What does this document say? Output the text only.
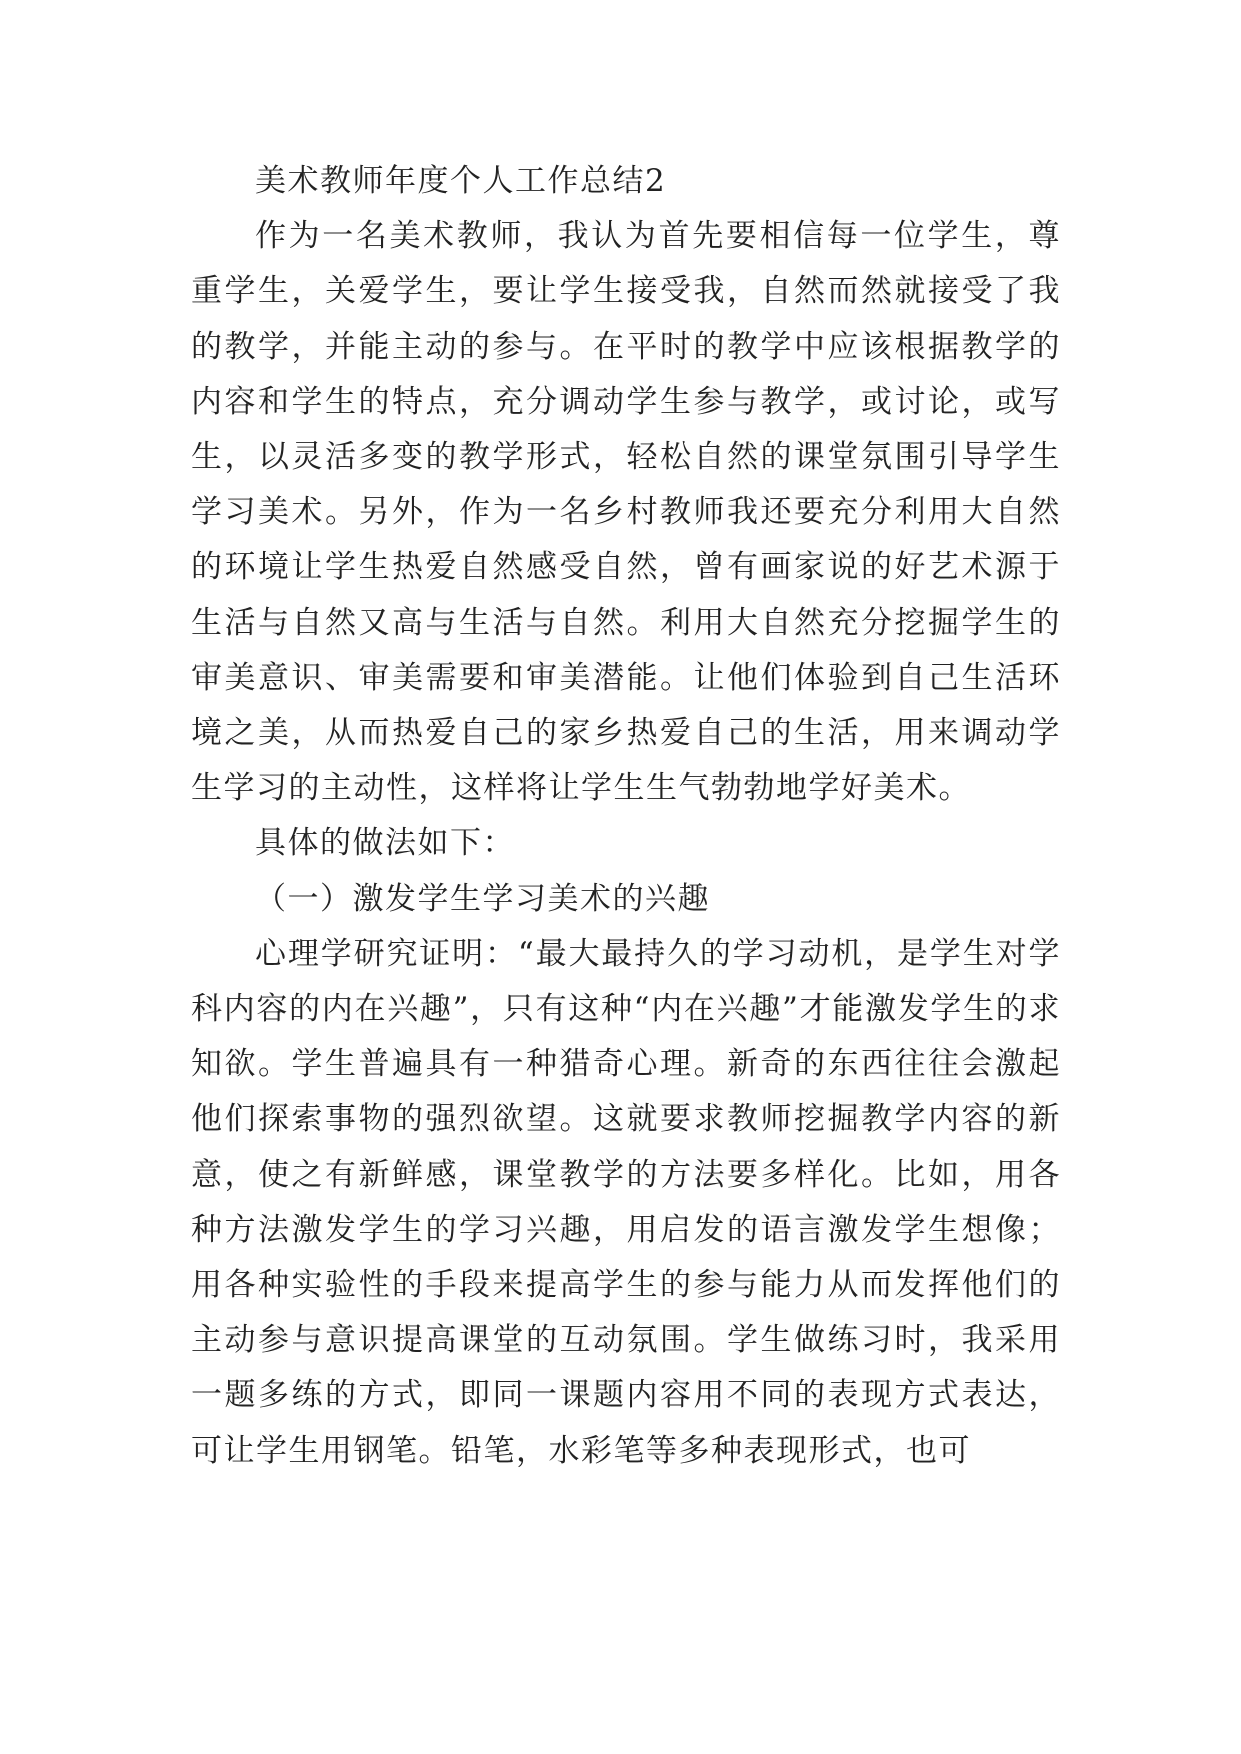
美术教师年度个人工作总结2

作为一名美术教师，我认为首先要相信每一位学生，尊重学生，关爱学生，要让学生接受我，自然而然就接受了我的教学，并能主动的参与。在平时的教学中应该根据教学的内容和学生的特点，充分调动学生参与教学，或讨论，或写生，以灵活多变的教学形式，轻松自然的课堂氛围引导学生学习美术。另外，作为一名乡村教师我还要充分利用大自然的环境让学生热爱自然感受自然，曾有画家说的好艺术源于生活与自然又高与生活与自然。利用大自然充分挖掘学生的审美意识、审美需要和审美潜能。让他们体验到自己生活环境之美，从而热爱自己的家乡热爱自己的生活，用来调动学生学习的主动性，这样将让学生生气勃勃地学好美术。

具体的做法如下：

（一）激发学生学习美术的兴趣

心理学研究证明：“最大最持久的学习动机，是学生对学科内容的内在兴趣”，只有这种“内在兴趣”才能激发学生的求知欲。学生普遍具有一种猎奇心理。新奇的东西往往会激起他们探索事物的强烈欲望。这就要求教师挖掘教学内容的新意，使之有新鲜感，课堂教学的方法要多样化。比如，用各种方法激发学生的学习兴趣，用启发的语言激发学生想像；用各种实验性的手段来提高学生的参与能力从而发挥他们的主动参与意识提高课堂的互动氛围。学生做练习时，我采用一题多练的方式，即同一课题内容用不同的表现方式表达，可让学生用钢笔。铅笔，水彩笔等多种表现形式，也可
